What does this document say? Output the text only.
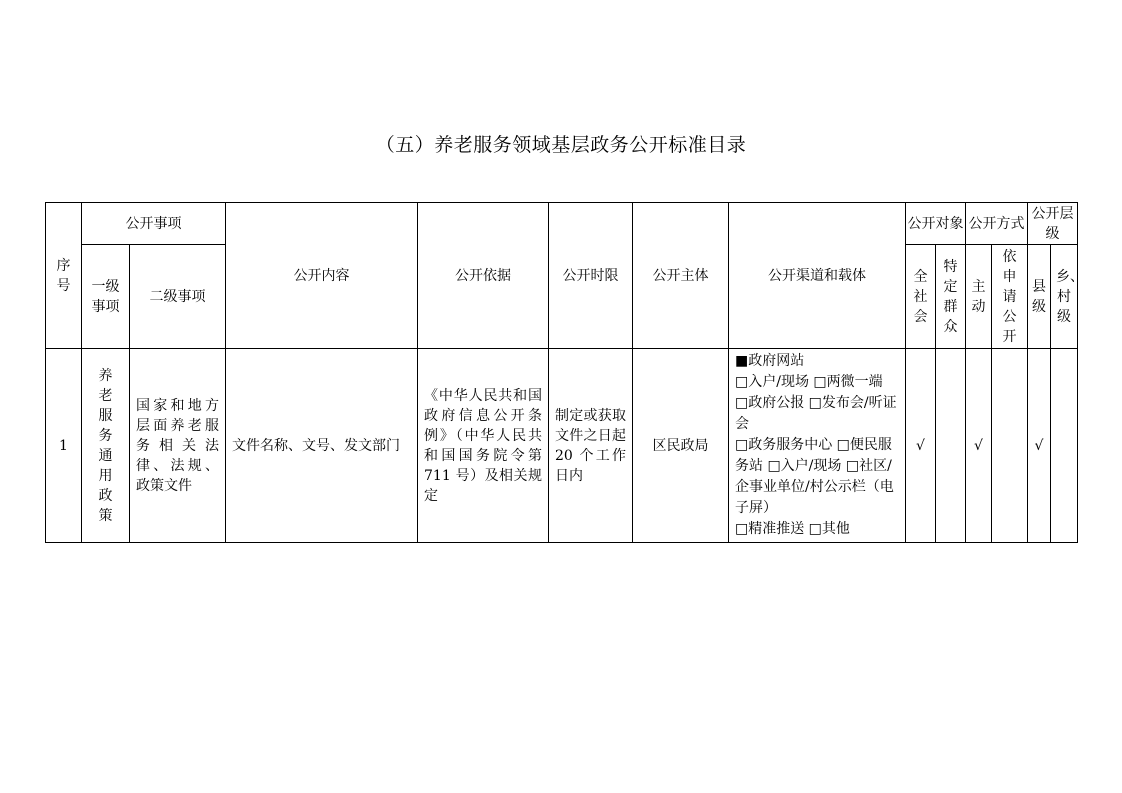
（五）养老服务领域基层政务公开标准目录
序号	公开事项		公开内容	公开依据	公开时限	公开主体	公开渠道和载体	公开对象		公开方式		公开层级	
	一级事项	二级事项						全社会	特定群众	主动	依申请公开	县级	乡、村级
1	养老服务通用政策	国家和地方层面养老服务相关法律、法规、政策文件	文件名称、文号、发文部门	《中华人民共和国政府信息公开条例》（中华人民共和国国务院令第 711 号）及相关规定	制定或获取文件之日起 20 个工作日内	区民政局	■政府网站
□入户/现场 □两微一端 □政府公报 □发布会/听证会
□政务服务中心 □便民服务站 □入户/现场 □社区/企事业单位/村公示栏（电子屏）
□精准推送 □其他	√		√		√	
